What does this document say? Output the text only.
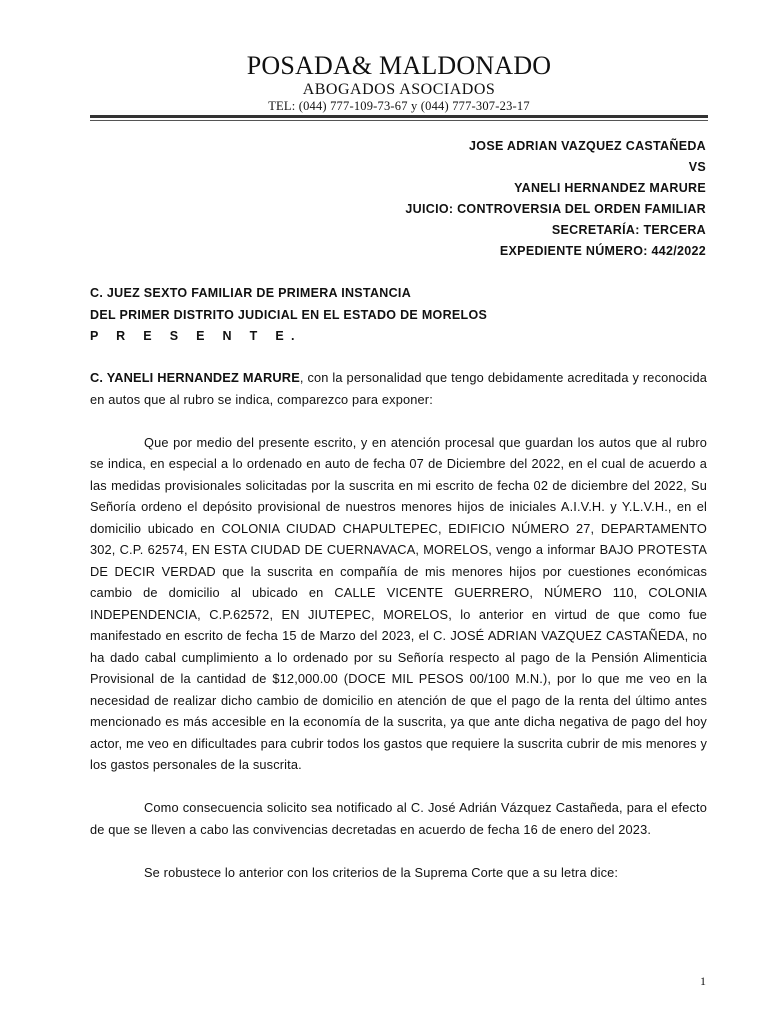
POSADA& MALDONADO
ABOGADOS ASOCIADOS
TEL: (044) 777-109-73-67 y (044) 777-307-23-17
JOSE ADRIAN VAZQUEZ CASTAÑEDA
VS
YANELI HERNANDEZ MARURE
JUICIO: CONTROVERSIA DEL ORDEN FAMILIAR
SECRETARÍA: TERCERA
EXPEDIENTE NÚMERO: 442/2022
C. JUEZ SEXTO FAMILIAR DE PRIMERA INSTANCIA
DEL PRIMER DISTRITO JUDICIAL EN EL ESTADO DE MORELOS
P R E S E N T E.

C. YANELI HERNANDEZ MARURE, con la personalidad que tengo debidamente acreditada y reconocida en autos que al rubro se indica, comparezco para exponer:

Que por medio del presente escrito, y en atención procesal que guardan los autos que al rubro se indica, en especial a lo ordenado en auto de fecha 07 de Diciembre del 2022, en el cual de acuerdo a las medidas provisionales solicitadas por la suscrita en mi escrito de fecha 02 de diciembre del 2022, Su Señoría ordeno el depósito provisional de nuestros menores hijos de iniciales A.I.V.H. y Y.L.V.H., en el domicilio ubicado en COLONIA CIUDAD CHAPULTEPEC, EDIFICIO NÚMERO 27, DEPARTAMENTO 302, C.P. 62574, EN ESTA CIUDAD DE CUERNAVACA, MORELOS, vengo a informar BAJO PROTESTA DE DECIR VERDAD que la suscrita en compañía de mis menores hijos por cuestiones económicas cambio de domicilio al ubicado en CALLE VICENTE GUERRERO, NÚMERO 110, COLONIA INDEPENDENCIA, C.P.62572, EN JIUTEPEC, MORELOS, lo anterior en virtud de que como fue manifestado en escrito de fecha 15 de Marzo del 2023, el C. JOSÉ ADRIAN VAZQUEZ CASTAÑEDA, no ha dado cabal cumplimiento a lo ordenado por su Señoría respecto al pago de la Pensión Alimenticia Provisional de la cantidad de $12,000.00 (DOCE MIL PESOS 00/100 M.N.), por lo que me veo en la necesidad de realizar dicho cambio de domicilio en atención de que el pago de la renta del último antes mencionado es más accesible en la economía de la suscrita, ya que ante dicha negativa de pago del hoy actor, me veo en dificultades para cubrir todos los gastos que requiere la suscrita cubrir de mis menores y los gastos personales de la suscrita.

Como consecuencia solicito sea notificado al C. José Adrián Vázquez Castañeda, para el efecto de que se lleven a cabo las convivencias decretadas en acuerdo de fecha 16 de enero del 2023.

Se robustece lo anterior con los criterios de la Suprema Corte que a su letra dice:

1
